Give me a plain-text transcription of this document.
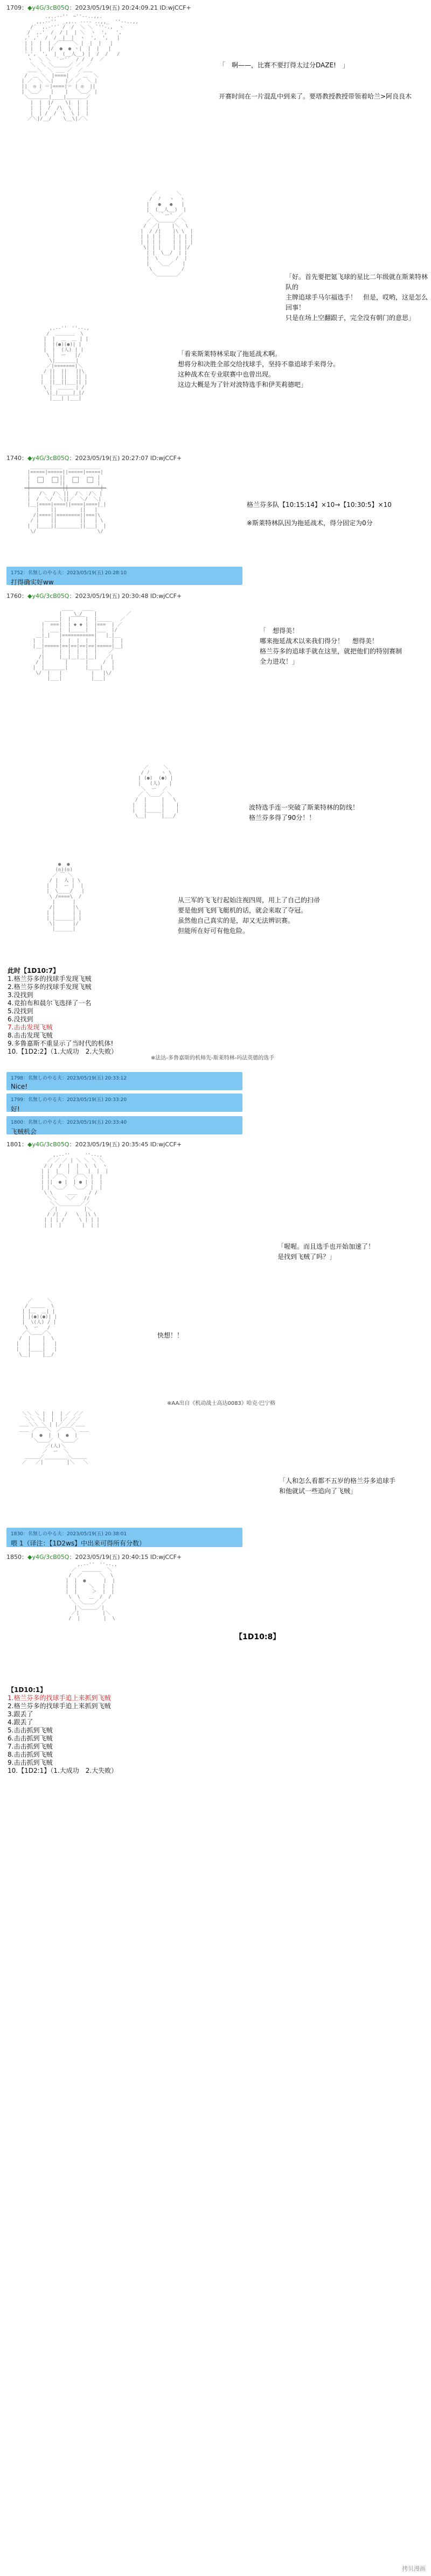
1709：◆y4G/3cB05Q：2023/05/19(五) 20:24:09.21 ID:wjCCF+
.,..-‐''￣~''‐-..,,.
,,.-‐''  _,,.. -‐‐- ..,,_  ''‐-..,,
/´  ,.-''´ /  /  ＼ ＼ `''-.,  ヽ
/  ,.'  /  / |  | ＼  ヽ  ',   ',
,' ,'  /  /  |  |  ヽ  ',  ',   |
| |  |  | ／￣￣￣＼ |  |  |   |
| |  |  |/  ●  ● ヽ|  |  |   |
',',  ',  |  (__人__) |  /  /   /
ヽ  ＼ ＼  `ー'´  / /  /  ／
＼  ＼ ＼_____／ ／  ／
＿＿＼  ＼ ___ ／  ／＿＿
/  ＿ ＼  |====|  ／ ＿  ＼
| ／  ＼ ＼|    |／ ／  ＼ |
||  ◎ | ＝|====|＝ | ◎  ||
| ＼＿／   |    |   ＼＿／ |
＼＿＿＿＿|____|＿＿＿＿／
|  |  |/    \|  |  |
|  |  /  /\  \  |  |
|  | /  /  \  \ |  |
／＼|/__/    \__\|／＼
「　啊——，比赛不要打得太过分DAZE!　」
开赛时间在一片混乱中到来了。要塔教授教授带领着哈兰>阿良良木
／￣￣￣￣＼
/  ﾉ   ヽ  ヽ
|   ●   ●   |
|  (__人__)  |
＼  ｀ー'  ／
／ ＼＿＿＿／ ＼
/  ／|    |＼  \
|  / /|    |\ \  |
| | | |    | | | |
| | | |    | | | |
\| | |    | | |/
| |  \__/  | |
|  \      /  |
|   ＼__／   |
\          /
＼＿＿＿＿／	「好。首先要把氪飞球的星比二年级就在斯莱特林队的
主牌追球手马尔福选手！　但是，哎哟，这是怎么回事！
只是在场上空翻跟子，完全没有朝门的意思」
,.-‐''￣''‐-.,
/  ＿＿＿＿  \
|  |  ＿  ＿ | |
|  |(●)(●)| |
|  |  (人) | |
\ |  ー   |/
\|_______|
／|=======|＼
/ ||  ||   ||\
|  ||  ||   || |
|  ||__||___|| |
\ |  ＿＿＿ | /
\|_|_____|_|/
|___| |___|
「看来斯莱特林采取了拖延战术啊。
想将分和决胜全部交给找球手，坚持不靠追球手来得分。
这种战术在专业联赛中也曾出现。
这边大概是为了针对波特选手和伊芙莉德吧」
1740：◆y4G/3cB05Q：2023/05/19(五) 20:27:07 ID:wjCCF+
___________  ___________
|=====|=====||=====|=====|
|  ┌─┐  ┌─┐||  ┌─┐  ┌─┐ |
|  └─┘  └─┘||  └─┘  └─┘ |
═╪═══════════╪╪═══════════╪═
|   /＼  /＼ ||  /＼  /＼ |
|  /  ＼/  ＼||／  ＼/  ＼|
|__|====|====||====|====|_|
|    ||        ||   |
/|====||========||===|\
/ |    ||        ||   | \
|  |____||________||___|  |
\/                     \/
格兰芬多队【10:15:14】×10→【10:30:5】×10
※斯莱特林队因为拖延战术，得分固定为0分
1752：名無しのやる夫：2023/05/19(五) 20:28:10
打得确实好ww
1760：◆y4G/3cB05Q：2023/05/19(五) 20:30:48 ID:wjCCF+
____   ____
|    \_/    |          ／
_____|  |￣￣￣|  |_____   ／
|  ===|  | ◆ ◆ |  |===  | ／
|  ___|  |_____|  |___  |/
__|_|   |===========|   |_|__
|  |     |  |  |  |  |     |  |
|__|=====|==|==|==|==|=====|__|
|     |  |  |  |  |    ／
/|     |__|__|__|__|   ／|
/ |       |      |     /  |
|  |_______|      |____|   |
\/  |   |          |   |\/
|___|          |___|
「　想得美！　
哪来拖延战术以来我们得分！ 　想得美！
格兰芬多的追球手就在这里，就把他们的特别赛制
全力进攻！」
／￣￣￣＼
/ ﾉ    ヽ \
| (●)  (●) |
|   (人)   |
＼  ー  ／
／ ＼___／ ＼
/  |     |   \
|   |     |    |
|   |_____|    |
\__|     |___/
波特选手连一突破了斯莱特林的防线！
格兰芬多得了90分！！
●  ●
(◎)(◎)
／ ￣ ＼
/ |  人 | \
|  |  ー |  |
|  \____/   |
\ /====\  /
|      |
/|      |\
| |      | |
| |______| |
\|      |/
|______|
从三军的飞飞行起始注视四周，用上了自己的扫帚
要是他到飞到飞艇机的话，就会来取了夺冠。
虽然他自己真实的是，却又无法辨识赛。
但能所在好可有他危险。
此时【1D10:7】
1.格兰芬多的找球手发现飞贼
2.格兰芬多的找球手发现飞贼
3.没找到
4.竞拍布和晨尔飞选择了一名
5.没找到
6.没找到
7.击击发现飞贼
8.击击发现飞贼
9.多鲁嘉斯不重显示了当时代的机体!
10.【1D2:2】（1.大成功　2.大失败）
※法达-多鲁嘉斯的机师先-斯莱特林-玛法英德的选手
1798：名無しのやる夫：2023/05/19(五) 20:33:12
Nice!
1799：名無しのやる夫：2023/05/19(五) 20:33:20
好!
1800：名無しのやる夫：2023/05/19(五) 20:33:40
飞贼机会
1801：◆y4G/3cB05Q：2023/05/19(五) 20:35:45 ID:wjCCF+
,.-‐''￣￣￣''‐-.,
／ ／ ／ | ＼ ＼ ＼ ＼
/ /  /  |  |  \  \  ヽ
| |  |   |  |   |  |  |
| | ／￣＼  ／￣＼ |  |
| ||  ● |  | ● | |  |
| | ＼＿／  ＼＿／ |  |
\ \     ＿＿    / /
＼＼   ＼／   //
＼＼_______／／
／|         |＼
/ /|  /   \  |\ \
| | | /     \ | | |
| |  |       |  | |
「喔喔。而且选手也开始加速了！
是找到飞贼了吗？」
／￣￣￣＼
/ ＿＿＿  \
| |＿  ＿| |
| |(●)(●)| |
|  \(人) / |
\  ー   /
／＼＿＿／＼
/  |    |  \
|   |    |   |
|   |____|   |
\__|    |__/
快想！！
※AA出自《机动战士高达0083》哈克·巴宁格
＼＼ ＼ |  |  | ／ ／／
＼＼ ＼|  |  |／ ／／
＿＿＼＼ ＼ | |／ ／／＿＿
＿＿ ／￣￣＼  ／￣￣＼ ＿＿
|  ●  |  |  ●  |
＼＿＿／  ＼＿＿／
／(人)＼
／  ー  ＼
＿＿＿／________＼＿＿＿
／   ／|        |＼   ＼
「人和怎么看都不五岁的格兰芬多追球手
和他就试一些追向了飞贼」
1830：名無しのやる夫：2023/05/19(五) 20:38:01
喂 1（译注：【1D2ws】中出来可得所有分数）
1850：◆y4G/3cB05Q：2023/05/19(五) 20:40:15 ID:wjCCF+
,.-‐''￣''‐-.,
／  ＿＿＿＿  ＼
/  ／      ＼  \
|  |  ●      |  |
|  |    ＼   |  |
|  |     ＞  |  |
\  \   ＿  /  /
＼ ＼＿＿／ ／
|＼＿＿＿／|
／|        |＼
/  |        |  \
【1D10:8】
【1D10:1】
1.格兰芬多的找球手追上来抓到飞贼
2.格兰芬多的找球手追上来抓到飞贼
3.跟丢了
4.跟丢了
5.击击抓到飞贼
6.击击抓到飞贼
7.击击抓到飞贼
8.击击抓到飞贼
9.击击抓到飞贼
10.【1D2:1】（1.大成功　2.大失败）
拷贝漫画
